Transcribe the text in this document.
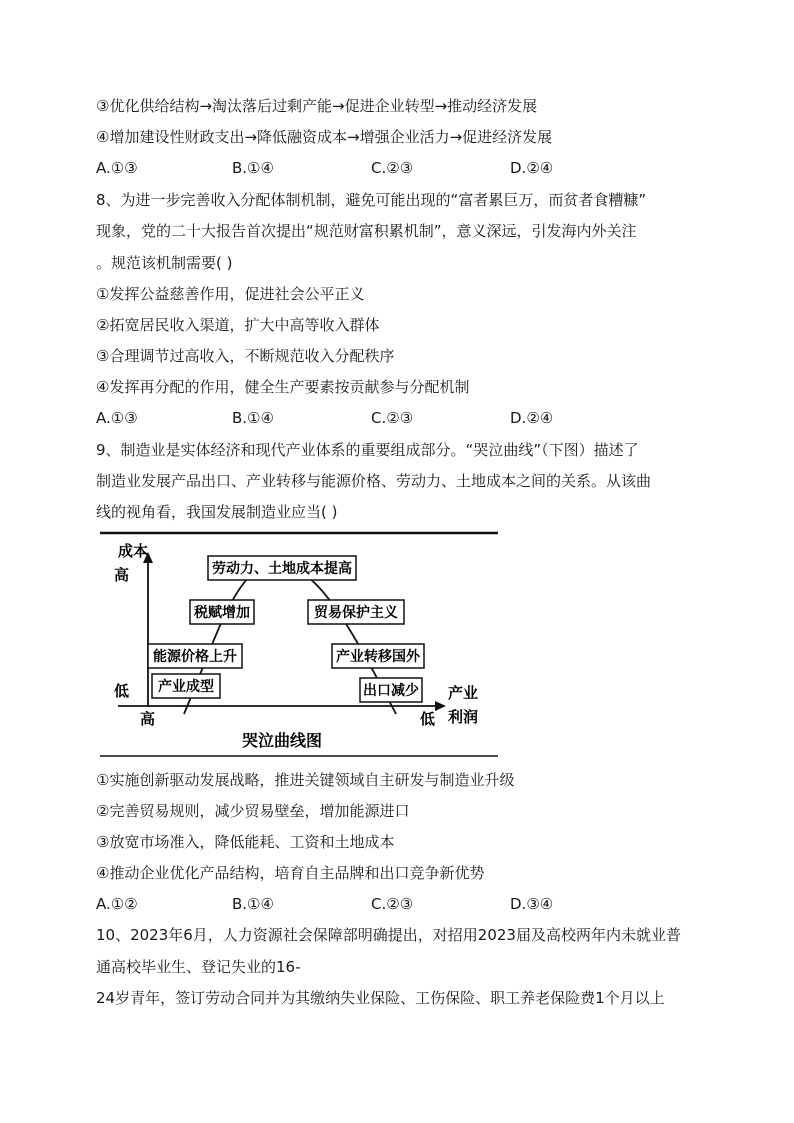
③优化供给结构→淘汰落后过剩产能→促进企业转型→推动经济发展
④增加建设性财政支出→降低融资成本→增强企业活力→促进经济发展
A.①③	B.①④	C.②③	D.②④
8、为进一步完善收入分配体制机制，避免可能出现的“富者累巨万，而贫者食糟糠”
现象，党的二十大报告首次提出“规范财富积累机制”，意义深远，引发海内外关注
。规范该机制需要( )
①发挥公益慈善作用，促进社会公平正义
②拓宽居民收入渠道，扩大中高等收入群体
③合理调节过高收入，不断规范收入分配秩序
④发挥再分配的作用，健全生产要素按贡献参与分配机制
A.①③	B.①④	C.②③	D.②④
9、制造业是实体经济和现代产业体系的重要组成部分。“哭泣曲线”（下图）描述了
制造业发展产品出口、产业转移与能源价格、劳动力、土地成本之间的关系。从该曲
线的视角看，我国发展制造业应当( )
成本
高
低	产业
利润
高	低
劳动力、土地成本提高
税赋增加
能源价格上升
产业成型
贸易保护主义
产业转移国外
出口减少
哭泣曲线图
①实施创新驱动发展战略，推进关键领域自主研发与制造业升级
②完善贸易规则，减少贸易壁垒，增加能源进口
③放宽市场准入，降低能耗、工资和土地成本
④推动企业优化产品结构，培育自主品牌和出口竞争新优势
A.①②	B.①④	C.②③	D.③④
10、2023年6月，人力资源社会保障部明确提出，对招用2023届及高校两年内未就业普
通高校毕业生、登记失业的16-
24岁青年，签订劳动合同并为其缴纳失业保险、工伤保险、职工养老保险费1个月以上
